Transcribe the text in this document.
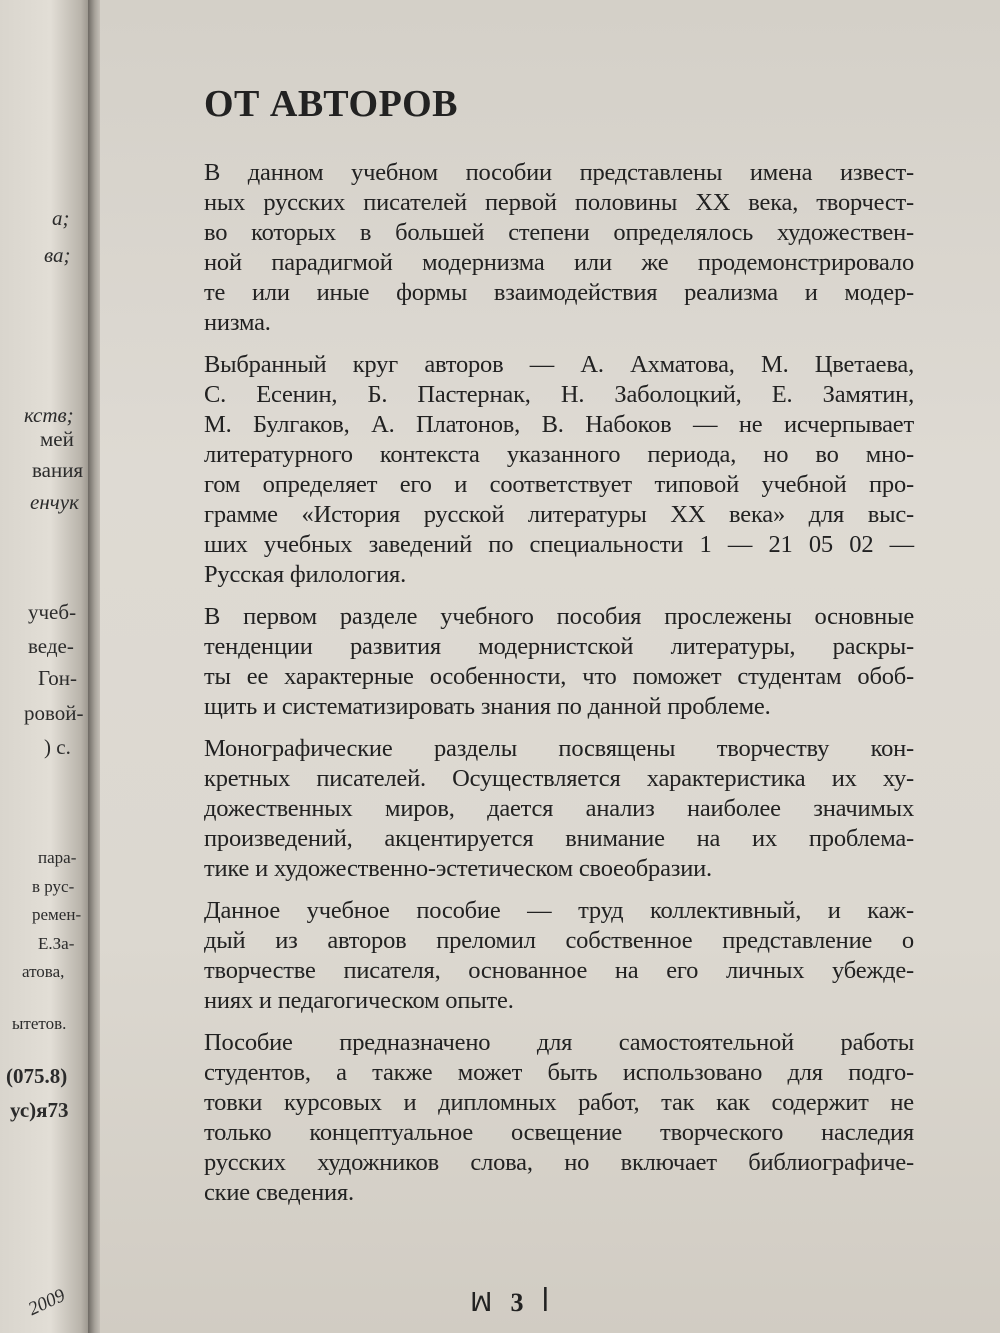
а;
ва;
кств;
мей
вания
енчук
учеб-
веде-
Гон-
ровой-
) с.
пара-
в рус-
ремен-
Е.За-
атова,
ытетов.
(075.8)
ус)я73
2009
ОТ АВТОРОВ

В данном учебном пособии представлены имена извест-
ных русских писателей первой половины XX века, творчест-
во которых в большей степени определялось художествен-
ной парадигмой модернизма или же продемонстрировало
те или иные формы взаимодействия реализма и модер-
низма.

Выбранный круг авторов — А. Ахматова, М. Цветаева,
С. Есенин, Б. Пастернак, Н. Заболоцкий, Е. Замятин,
М. Булгаков, А. Платонов, В. Набоков — не исчерпывает
литературного контекста указанного периода, но во мно-
гом определяет его и соответствует типовой учебной про-
грамме «История русской литературы XX века» для выс-
ших учебных заведений по специальности 1 — 21 05 02 —
Русская филология.

В первом разделе учебного пособия прослежены основные
тенденции развития модернистской литературы, раскры-
ты ее характерные особенности, что поможет студентам обоб-
щить и систематизировать знания по данной проблеме.

Монографические разделы посвящены творчеству кон-
кретных писателей. Осуществляется характеристика их ху-
дожественных миров, дается анализ наиболее значимых
произведений, акцентируется внимание на их проблема-
тике и художественно-эстетическом своеобразии.

Данное учебное пособие — труд коллективный, и каж-
дый из авторов преломил собственное представление о
творчестве писателя, основанное на его личных убежде-
ниях и педагогическом опыте.

Пособие предназначено для самостоятельной работы
студентов, а также может быть использовано для подго-
товки курсовых и дипломных работ, так как содержит не
только концептуальное освещение творческого наследия
русских художников слова, но включает библиографиче-
ские сведения.

ꟽ 3 ꟾ
